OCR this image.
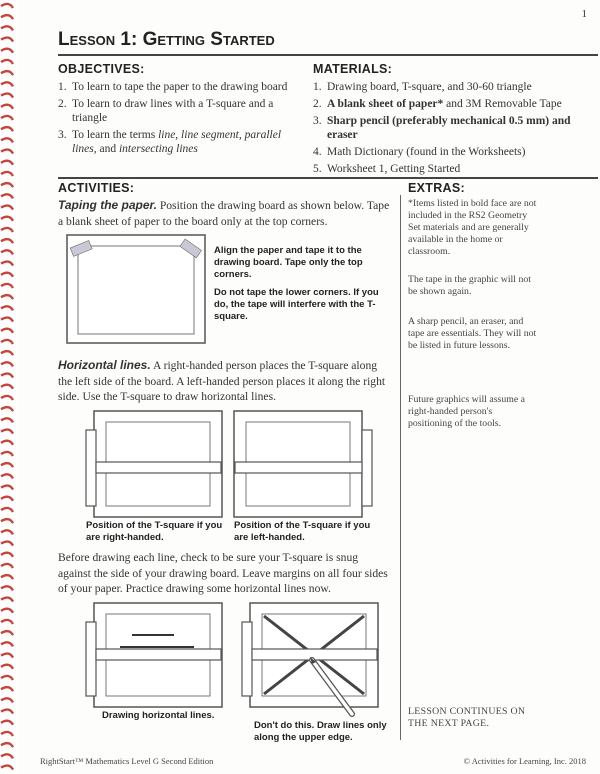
1
Lesson 1: Getting Started
OBJECTIVES:
1. To learn to tape the paper to the drawing board
2. To learn to draw lines with a T-square and a triangle
3. To learn the terms line, line segment, parallel lines, and intersecting lines
MATERIALS:
1. Drawing board, T-square, and 30-60 triangle
2. A blank sheet of paper* and 3M Removable Tape
3. Sharp pencil (preferably mechanical 0.5 mm) and eraser
4. Math Dictionary (found in the Worksheets)
5. Worksheet 1, Getting Started
ACTIVITIES:	EXTRAS:
Taping the paper. Position the drawing board as shown below. Tape a blank sheet of paper to the board only at the top corners.
Align the paper and tape it to the drawing board. Tape only the top corners.
Do not tape the lower corners. If you do, the tape will interfere with the T-square.
Horizontal lines. A right-handed person places the T-square along the left side of the board. A left-handed person places it along the right side. Use the T-square to draw horizontal lines.
Position of the T-square if you are right-handed.
Position of the T-square if you are left-handed.
Before drawing each line, check to be sure your T-square is snug against the side of your drawing board. Leave margins on all four sides of your paper. Practice drawing some horizontal lines now.
Drawing horizontal lines.
Don't do this. Draw lines only along the upper edge.
*Items listed in bold face are not included in the RS2 Geometry Set materials and are generally available in the home or classroom.
The tape in the graphic will not be shown again.
A sharp pencil, an eraser, and tape are essentials. They will not be listed in future lessons.
Future graphics will assume a right-handed person's positioning of the tools.
LESSON CONTINUES ON THE NEXT PAGE.
RightStart™ Mathematics Level G Second Edition	© Activities for Learning, Inc. 2018
